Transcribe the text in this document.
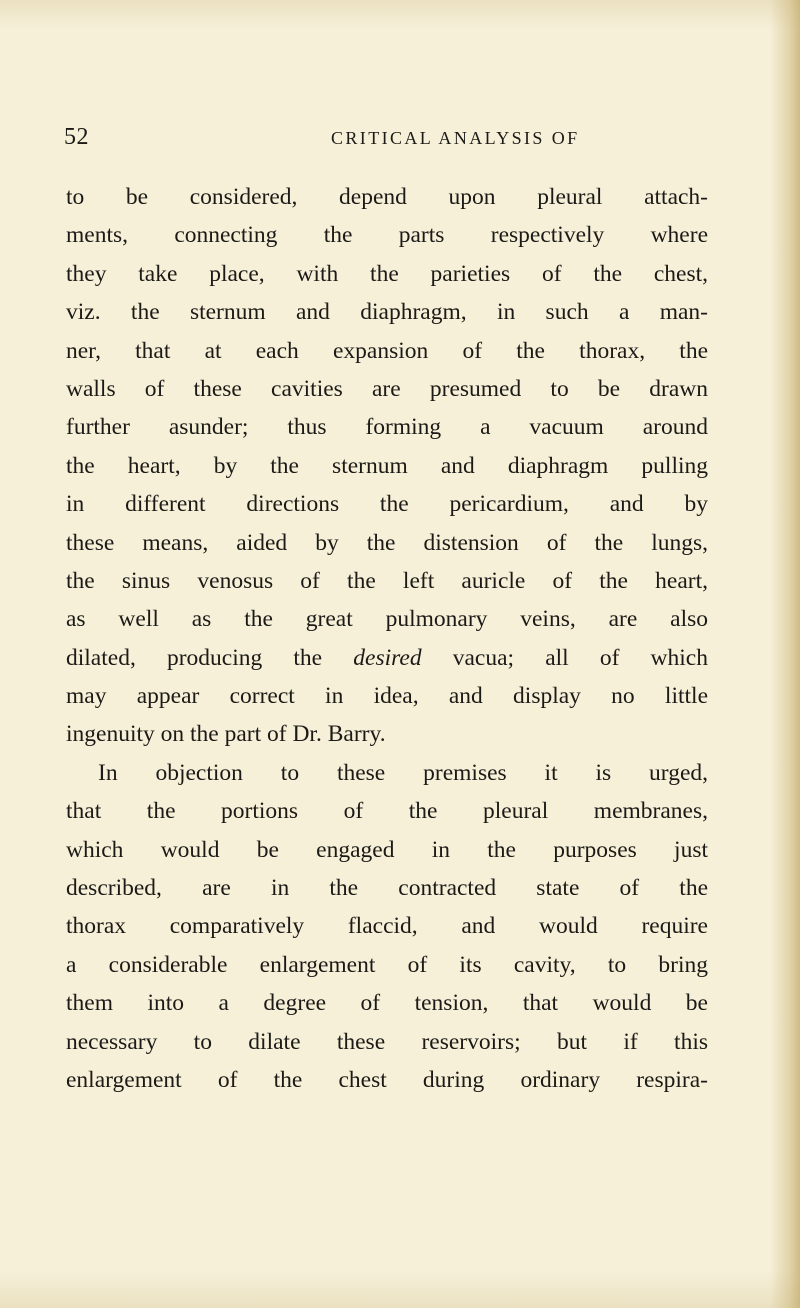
52	CRITICAL ANALYSIS OF
to be considered, depend upon pleural attach-
ments, connecting the parts respectively where
they take place, with the parieties of the chest,
viz. the sternum and diaphragm, in such a man-
ner, that at each expansion of the thorax, the
walls of these cavities are presumed to be drawn
further asunder; thus forming a vacuum around
the heart, by the sternum and diaphragm pulling
in different directions the pericardium, and by
these means, aided by the distension of the lungs,
the sinus venosus of the left auricle of the heart,
as well as the great pulmonary veins, are also
dilated, producing the desired vacua; all of which
may appear correct in idea, and display no little
ingenuity on the part of Dr. Barry.
In objection to these premises it is urged,
that the portions of the pleural membranes,
which would be engaged in the purposes just
described, are in the contracted state of the
thorax comparatively flaccid, and would require
a considerable enlargement of its cavity, to bring
them into a degree of tension, that would be
necessary to dilate these reservoirs; but if this
enlargement of the chest during ordinary respira-
